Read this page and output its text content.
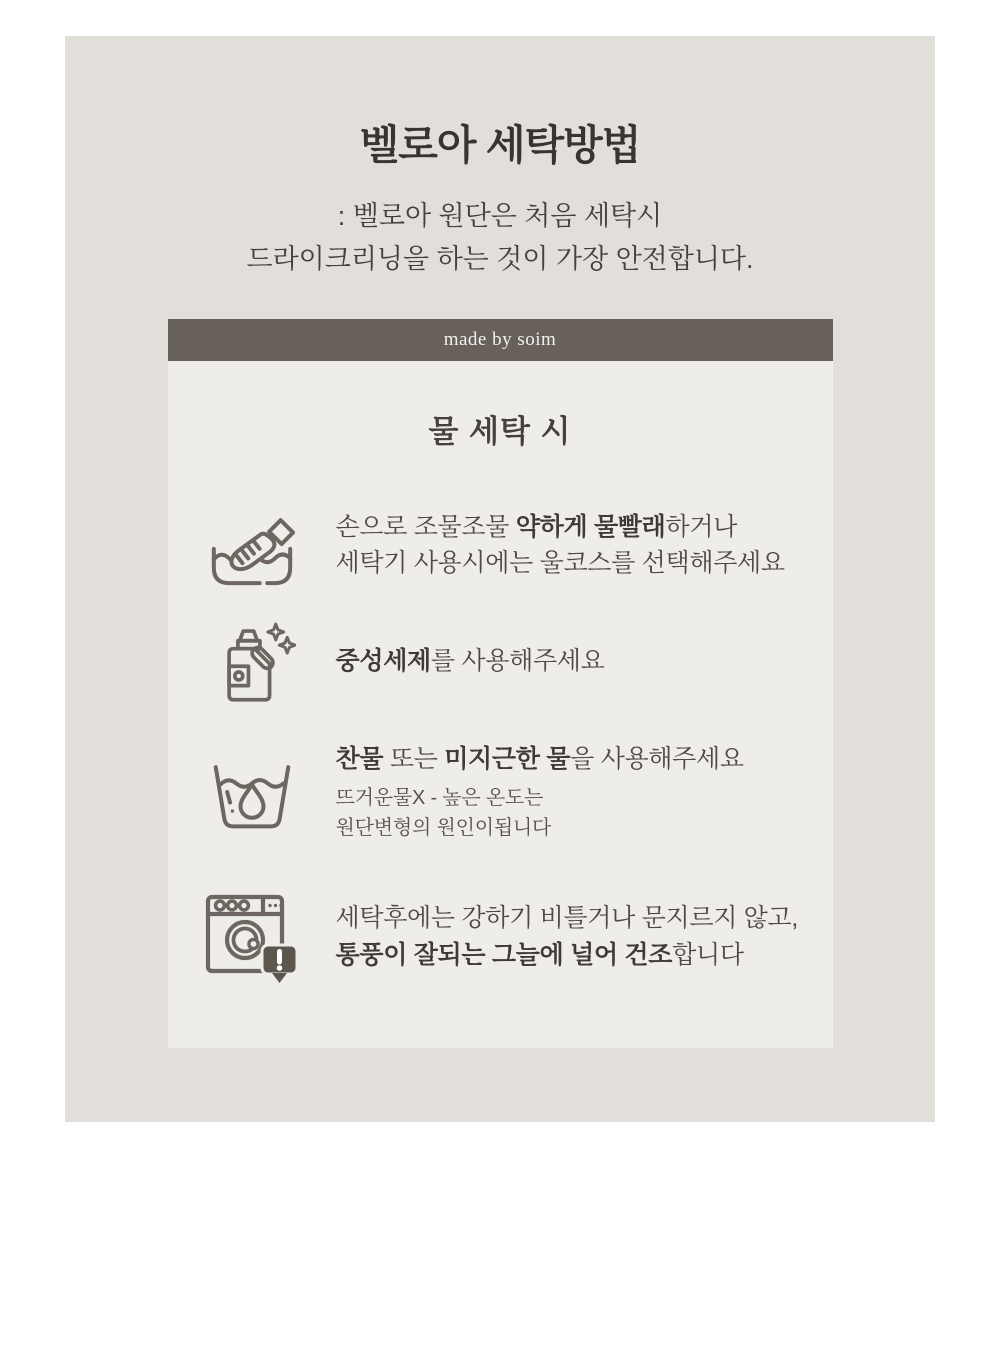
벨로아 세탁방법
: 벨로아 원단은 처음 세탁시
드라이크리닝을 하는 것이 가장 안전합니다.
made by soim
물 세탁 시
손으로 조물조물 약하게 물빨래하거나
세탁기 사용시에는 울코스를 선택해주세요
중성세제를 사용해주세요
찬물 또는 미지근한 물을 사용해주세요
뜨거운물X - 높은 온도는
원단변형의 원인이됩니다
세탁후에는 강하기 비틀거나 문지르지 않고,
통풍이 잘되는 그늘에 널어 건조합니다
